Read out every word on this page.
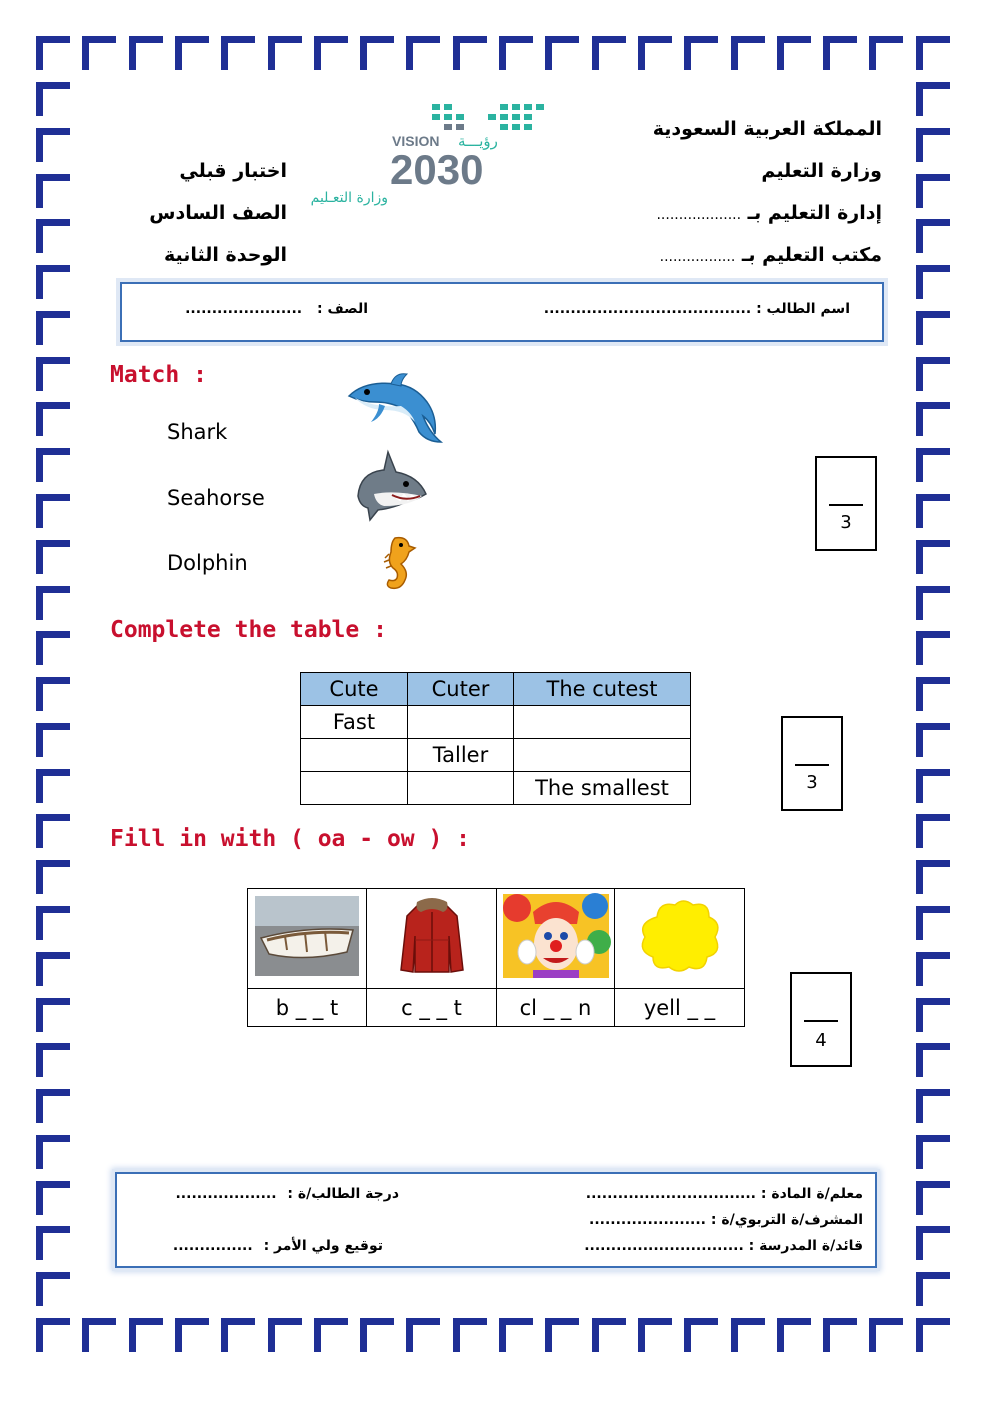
المملكة العربية السعودية
وزارة التعليم
إدارة التعليم بـ ...................
مكتب التعليم بـ .................
اختبار قبلي
الصف السادس
الوحدة الثانية
VISION رؤيـــة
2030
وزارة التعـليم
اسم الطالب : .......................................
الصف : ......................
Match :
Shark
Seahorse
Dolphin
3
Complete the table :
Cute	Cuter	The cutest
Fast		
	Taller	
		The smallest	3
Fill in with ( oa - ow ) :

b _ _ t	c _ _ t	cl _ _ n	yell _ _
4
معلم/ة المادة : ................................
المشرف/ة التربوي/ة : ......................
قائد/ة المدرسة : ..............................
درجة الطالب/ة : ...................
توقيع ولي الأمر : ...............
